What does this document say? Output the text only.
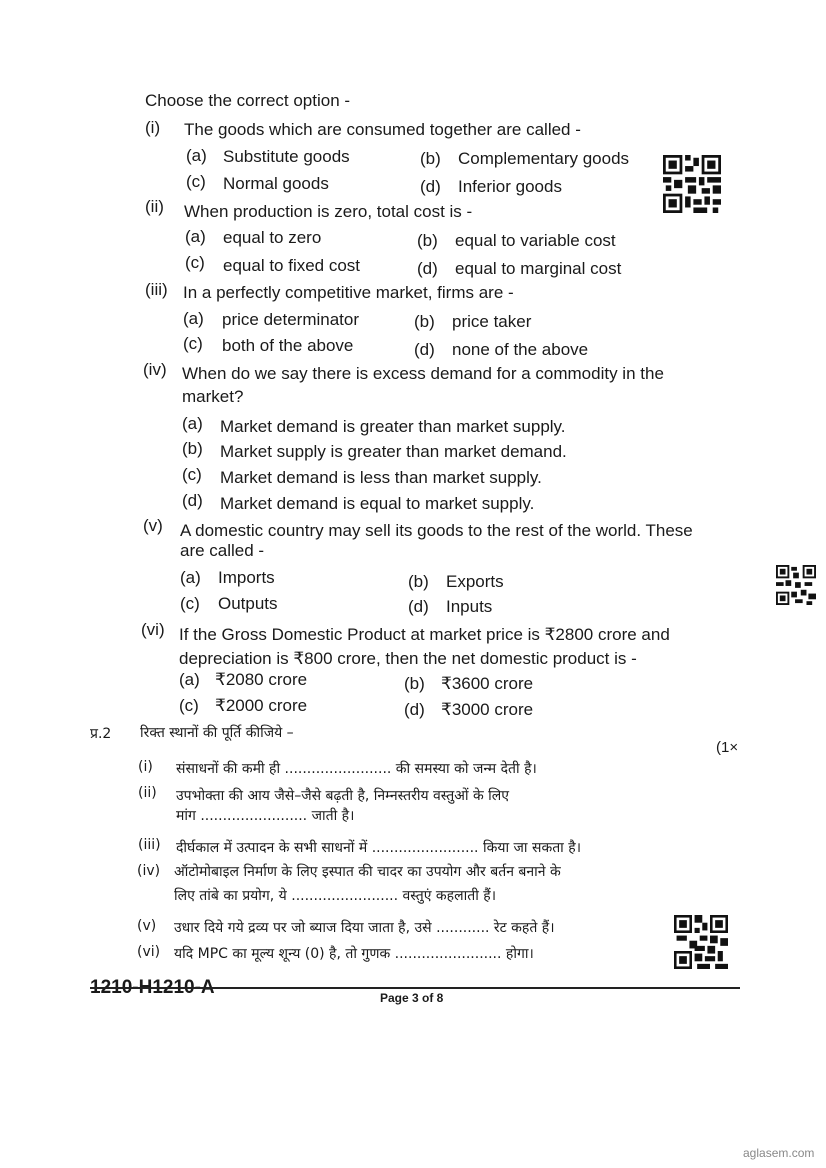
Choose the correct option -
(i) The goods which are consumed together are called -
(a) Substitute goods	(b) Complementary goods
(c) Normal goods	(d) Inferior goods
(ii) When production is zero, total cost is -
(a) equal to zero	(b) equal to variable cost
(c) equal to fixed cost	(d) equal to marginal cost
(iii) In a perfectly competitive market, firms are -
(a) price determinator	(b) price taker
(c) both of the above	(d) none of the above
(iv) When do we say there is excess demand for a commodity in the
market?
(a) Market demand is greater than market supply.
(b) Market supply is greater than market demand.
(c) Market demand is less than market supply.
(d) Market demand is equal to market supply.
(v) A domestic country may sell its goods to the rest of the world. These
are called -
(a) Imports	(b) Exports
(c) Outputs	(d) Inputs
(vi) If the Gross Domestic Product at market price is ₹2800 crore and
depreciation is ₹800 crore, then the net domestic product is -
(a) ₹2080 crore	(b) ₹3600 crore
(c) ₹2000 crore	(d) ₹3000 crore
प्र.2 रिक्त स्थानों की पूर्ति कीजिये –
(1×
(i) संसाधनों की कमी ही ........................ की समस्या को जन्म देती है।
(ii) उपभोक्ता की आय जैसे–जैसे बढ़ती है, निम्नस्तरीय वस्तुओं के लिए
मांग ........................ जाती है।
(iii) दीर्घकाल में उत्पादन के सभी साधनों में ........................ किया जा सकता है।
(iv) ऑटोमोबाइल निर्माण के लिए इस्पात की चादर का उपयोग और बर्तन बनाने के
लिए तांबे का प्रयोग, ये ........................ वस्तुएं कहलाती हैं।
(v) उधार दिये गये द्रव्य पर जो ब्याज दिया जाता है, उसे ............ रेट कहते हैं।
(vi) यदि MPC का मूल्य शून्य (0) है, तो गुणक ........................ होगा।
1210-H1210-A	Page 3 of 8
aglasem.com
